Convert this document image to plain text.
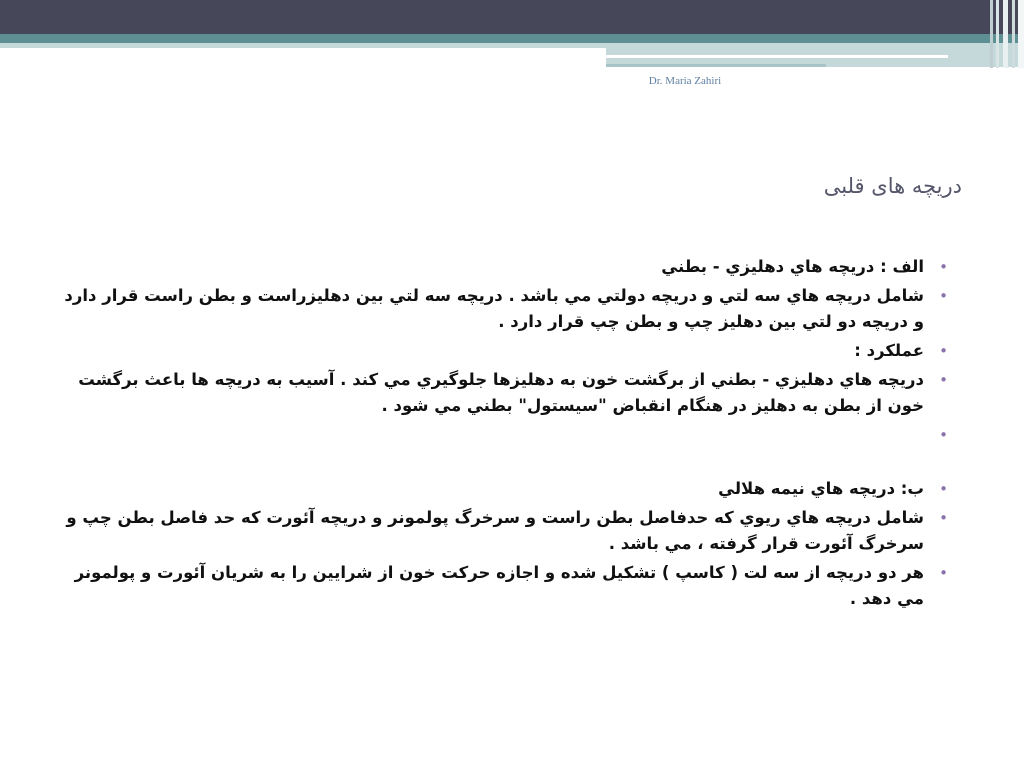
Dr. Maria Zahiri
دریچه های قلبی
•
الف : دريچه هاي دهليزي - بطني
•
شامل دريچه هاي سه لتي و دريچه دولتي مي باشد . دريچه سه لتي بين دهليزراست و بطن راست قرار دارد و دريچه دو لتي بين دهليز چپ و بطن چپ قرار دارد .
•
عملكرد :
•
دريچه هاي دهليزي - بطني از برگشت خون به دهليزها جلوگيري مي كند . آسيب به دريچه ها باعث برگشت خون از بطن به دهليز در هنگام انقباض "سيستول" بطني مي شود .
•
•
ب: دريچه هاي نيمه هلالي
•
شامل دريچه هاي ريوي كه حدفاصل بطن راست و سرخرگ پولمونر و دريچه آئورت كه حد فاصل بطن چپ و سرخرگ آئورت قرار گرفته ، مي باشد .
•
هر دو دريچه از سه لت ( كاسپ ) تشكيل شده و اجازه حركت خون از شرايين را به شريان آئورت و پولمونر مي دهد .
